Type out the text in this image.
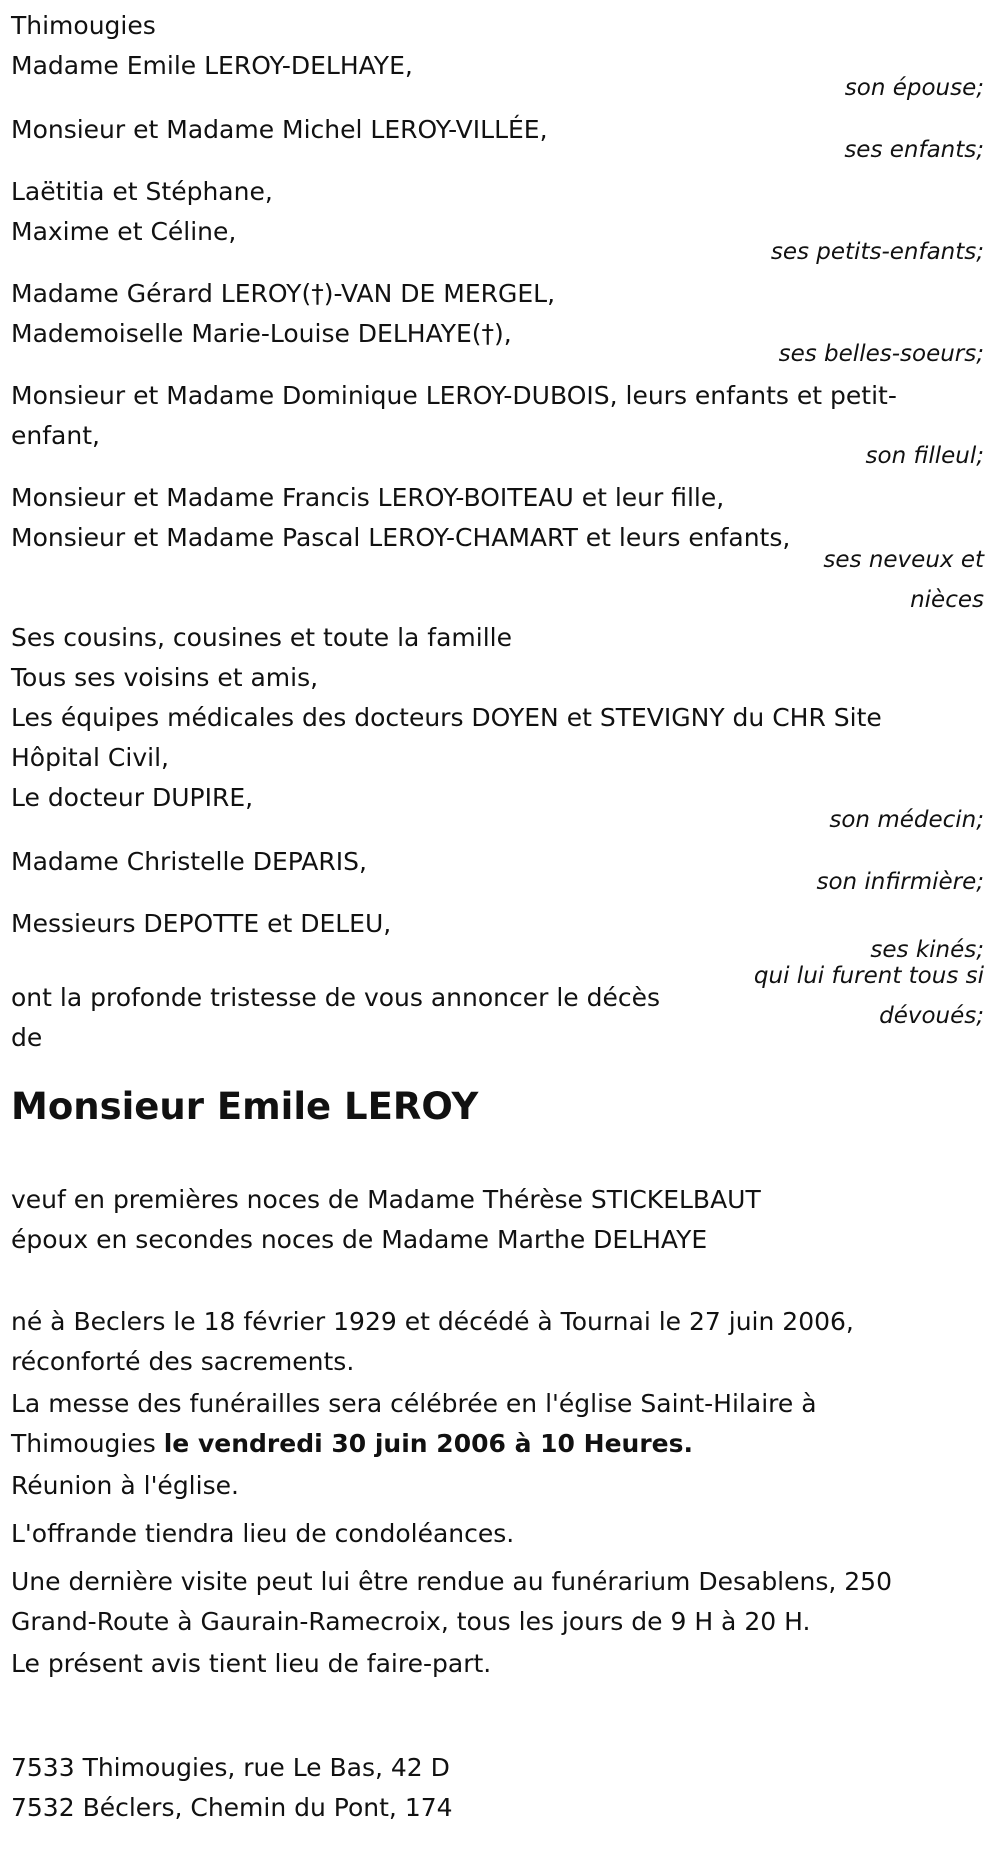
Thimougies
Madame Emile LEROY-DELHAYE,
son épouse;
Monsieur et Madame Michel LEROY-VILLÉE,
ses enfants;
Laëtitia et Stéphane,
Maxime et Céline,
ses petits-enfants;
Madame Gérard LEROY(†)-VAN DE MERGEL,
Mademoiselle Marie-Louise DELHAYE(†),
ses belles-soeurs;
Monsieur et Madame Dominique LEROY-DUBOIS, leurs enfants et petit-
enfant,
son filleul;
Monsieur et Madame Francis LEROY-BOITEAU et leur fille,
Monsieur et Madame Pascal LEROY-CHAMART et leurs enfants,
ses neveux et
nièces
Ses cousins, cousines et toute la famille
Tous ses voisins et amis,
Les équipes médicales des docteurs DOYEN et STEVIGNY du CHR Site
Hôpital Civil,
Le docteur DUPIRE,
son médecin;
Madame Christelle DEPARIS,
son infirmière;
Messieurs DEPOTTE et DELEU,
ses kinés;
qui lui furent tous si
dévoués;
ont la profonde tristesse de vous annoncer le décès
de
Monsieur Emile LEROY
veuf en premières noces de Madame Thérèse STICKELBAUT
époux en secondes noces de Madame Marthe DELHAYE
né à Beclers le 18 février 1929 et décédé à Tournai le 27 juin 2006,
réconforté des sacrements.
La messe des funérailles sera célébrée en l'église Saint-Hilaire à
Thimougies le vendredi 30 juin 2006 à 10 Heures.
Réunion à l'église.
L'offrande tiendra lieu de condoléances.
Une dernière visite peut lui être rendue au funérarium Desablens, 250
Grand-Route à Gaurain-Ramecroix, tous les jours de 9 H à 20 H.
Le présent avis tient lieu de faire-part.
7533 Thimougies, rue Le Bas, 42 D
7532 Béclers, Chemin du Pont, 174
